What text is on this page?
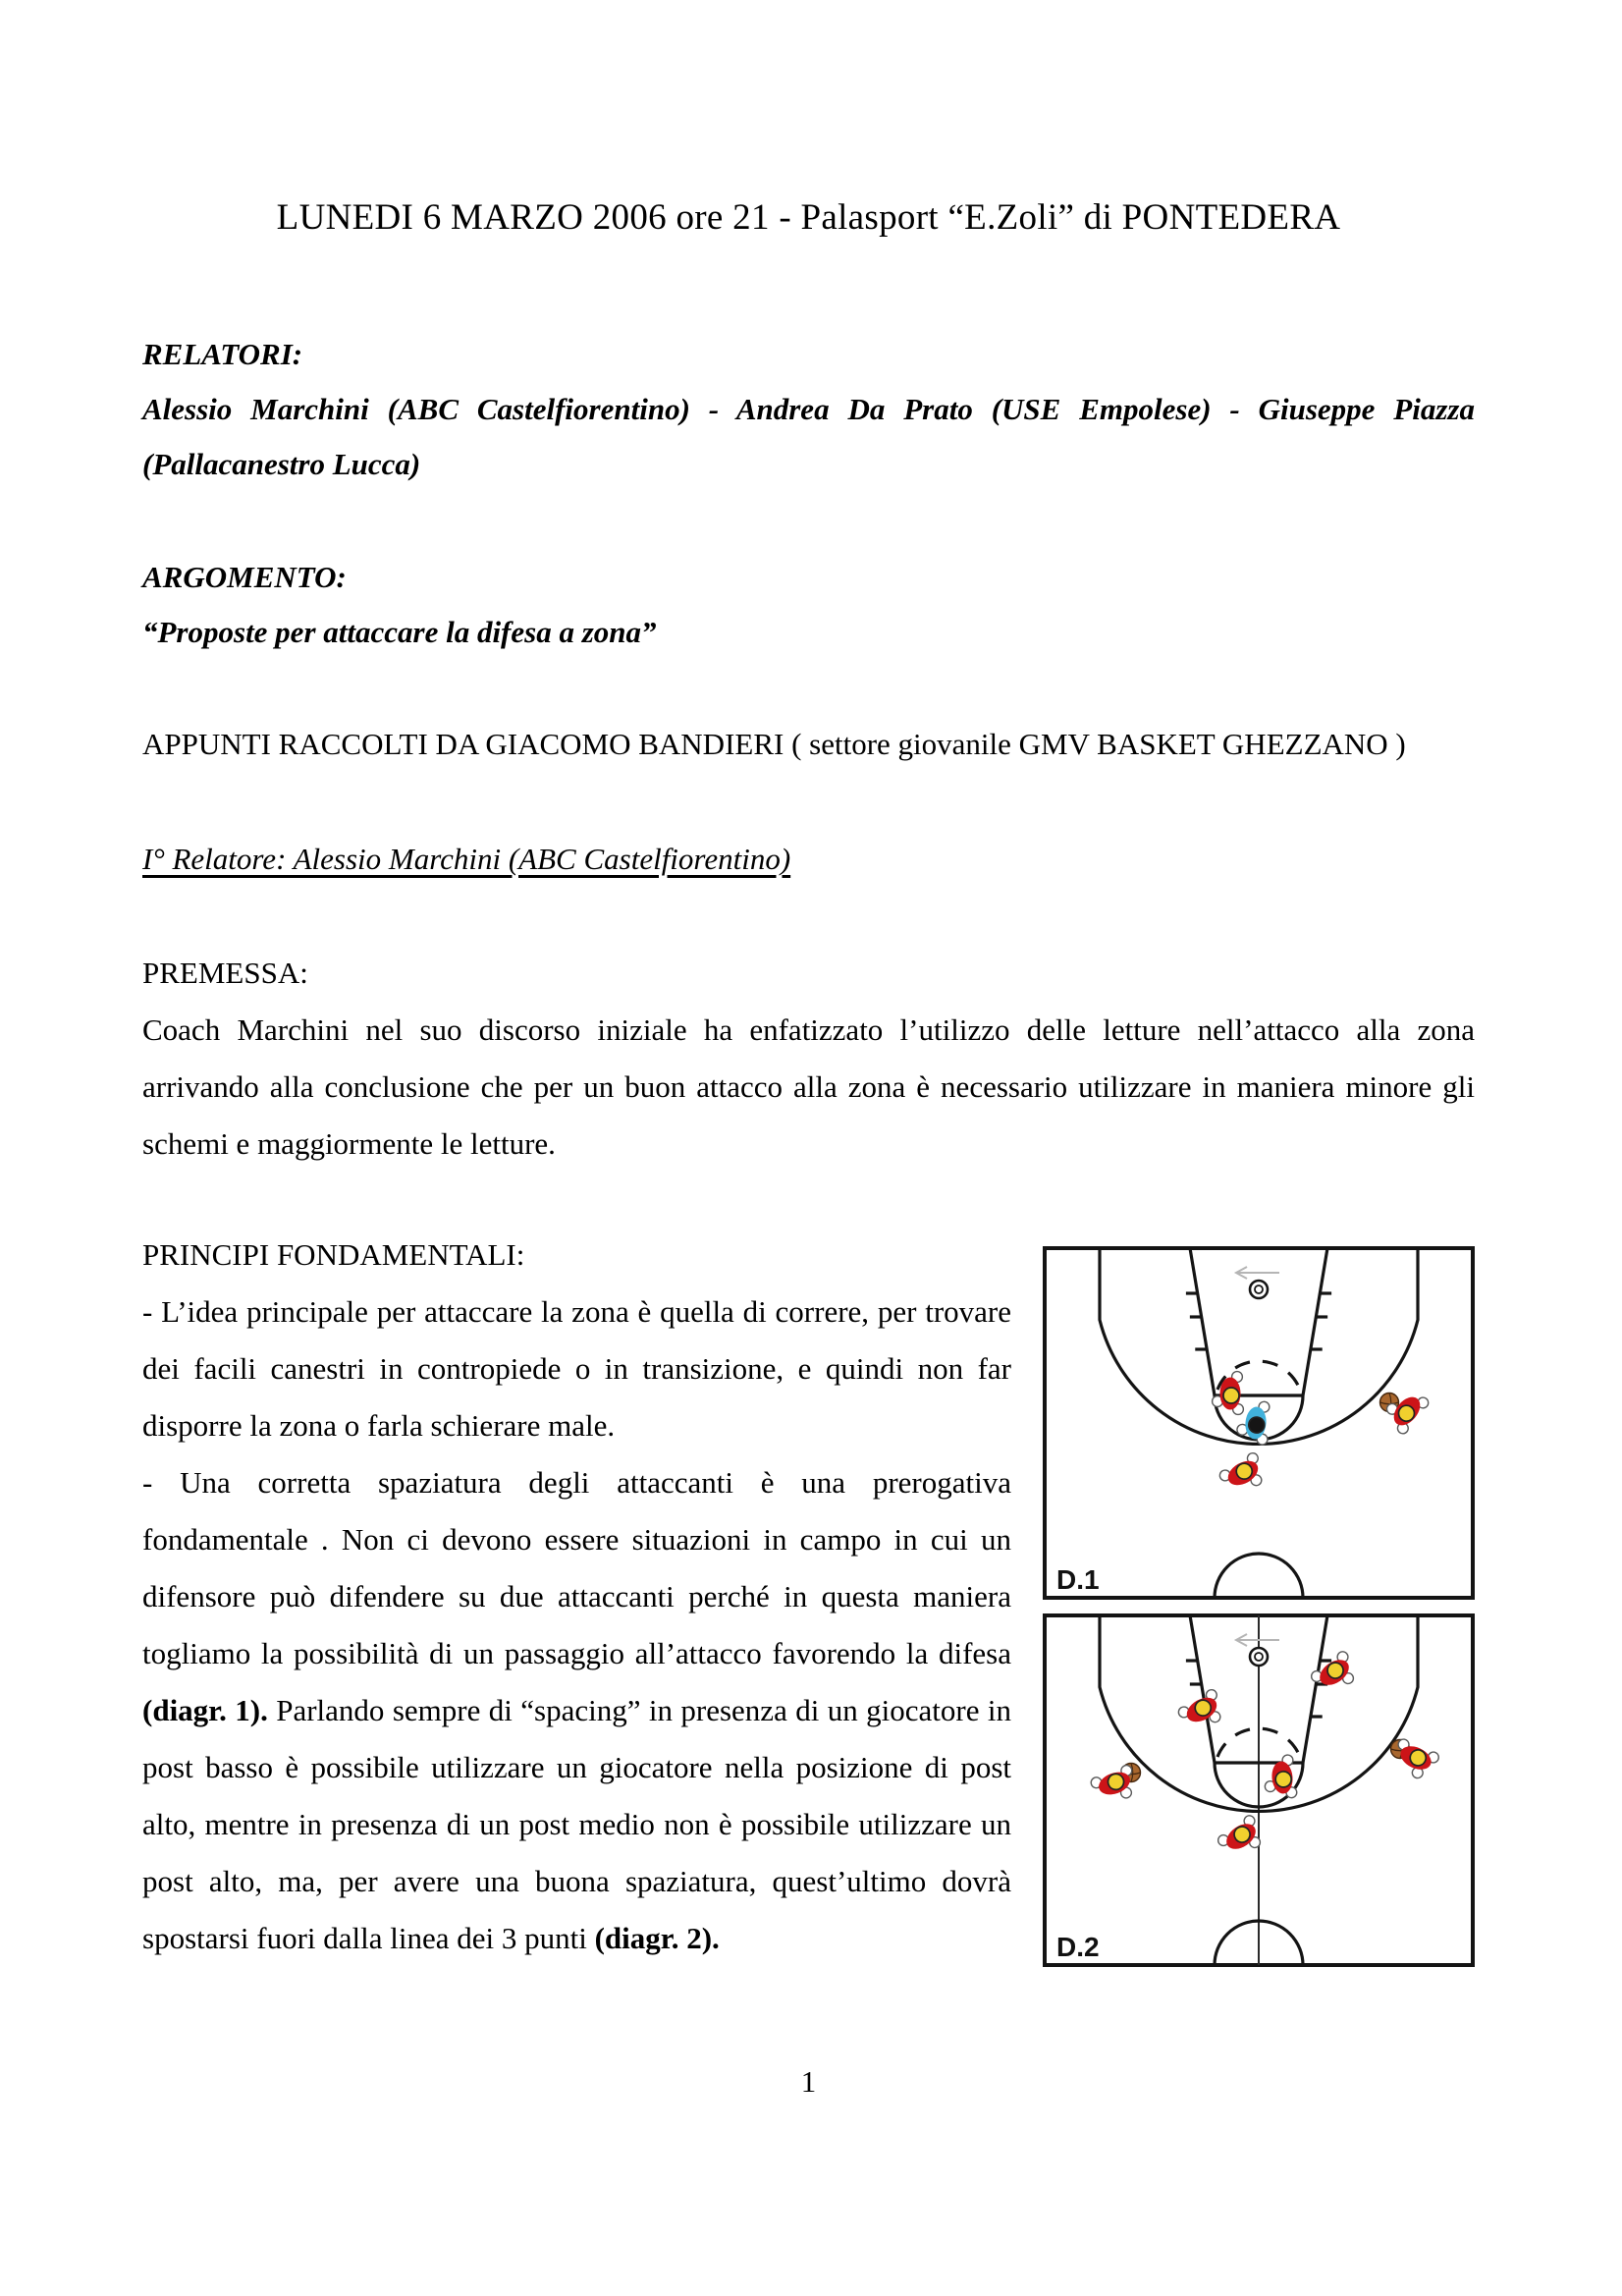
LUNEDI 6 MARZO 2006 ore 21 - Palasport “E.Zoli” di PONTEDERA

RELATORI:

Alessio Marchini (ABC Castelfiorentino) - Andrea Da Prato (USE Empolese) - Giuseppe Piazza (Pallacanestro Lucca)

ARGOMENTO:

“Proposte per attaccare la difesa a zona”

APPUNTI RACCOLTI DA GIACOMO BANDIERI ( settore giovanile GMV BASKET GHEZZANO )

I° Relatore: Alessio Marchini (ABC Castelfiorentino)

PREMESSA:

Coach Marchini nel suo discorso iniziale ha enfatizzato l’utilizzo delle letture nell’attacco alla zona arrivando alla conclusione che per un buon attacco alla zona è necessario utilizzare in maniera minore gli schemi e maggiormente le letture.

PRINCIPI FONDAMENTALI:

- L’idea principale per attaccare la zona è quella di correre, per trovare dei facili canestri in contropiede o in transizione, e quindi non far disporre la zona o farla schierare male.

- Una corretta spaziatura degli attaccanti è una prerogativa fondamentale . Non ci devono essere situazioni in campo in cui un difensore può difendere su due attaccanti perché in questa maniera togliamo la possibilità di un passaggio all’attacco favorendo la difesa (diagr. 1). Parlando sempre di “spacing” in presenza di un giocatore in post basso è possibile utilizzare un giocatore nella posizione di post alto, mentre in presenza di un post medio non è possibile utilizzare un post alto, ma, per avere una buona spaziatura, quest’ultimo dovrà spostarsi fuori dalla linea dei 3 punti (diagr. 2).

D.1
D.2
1
